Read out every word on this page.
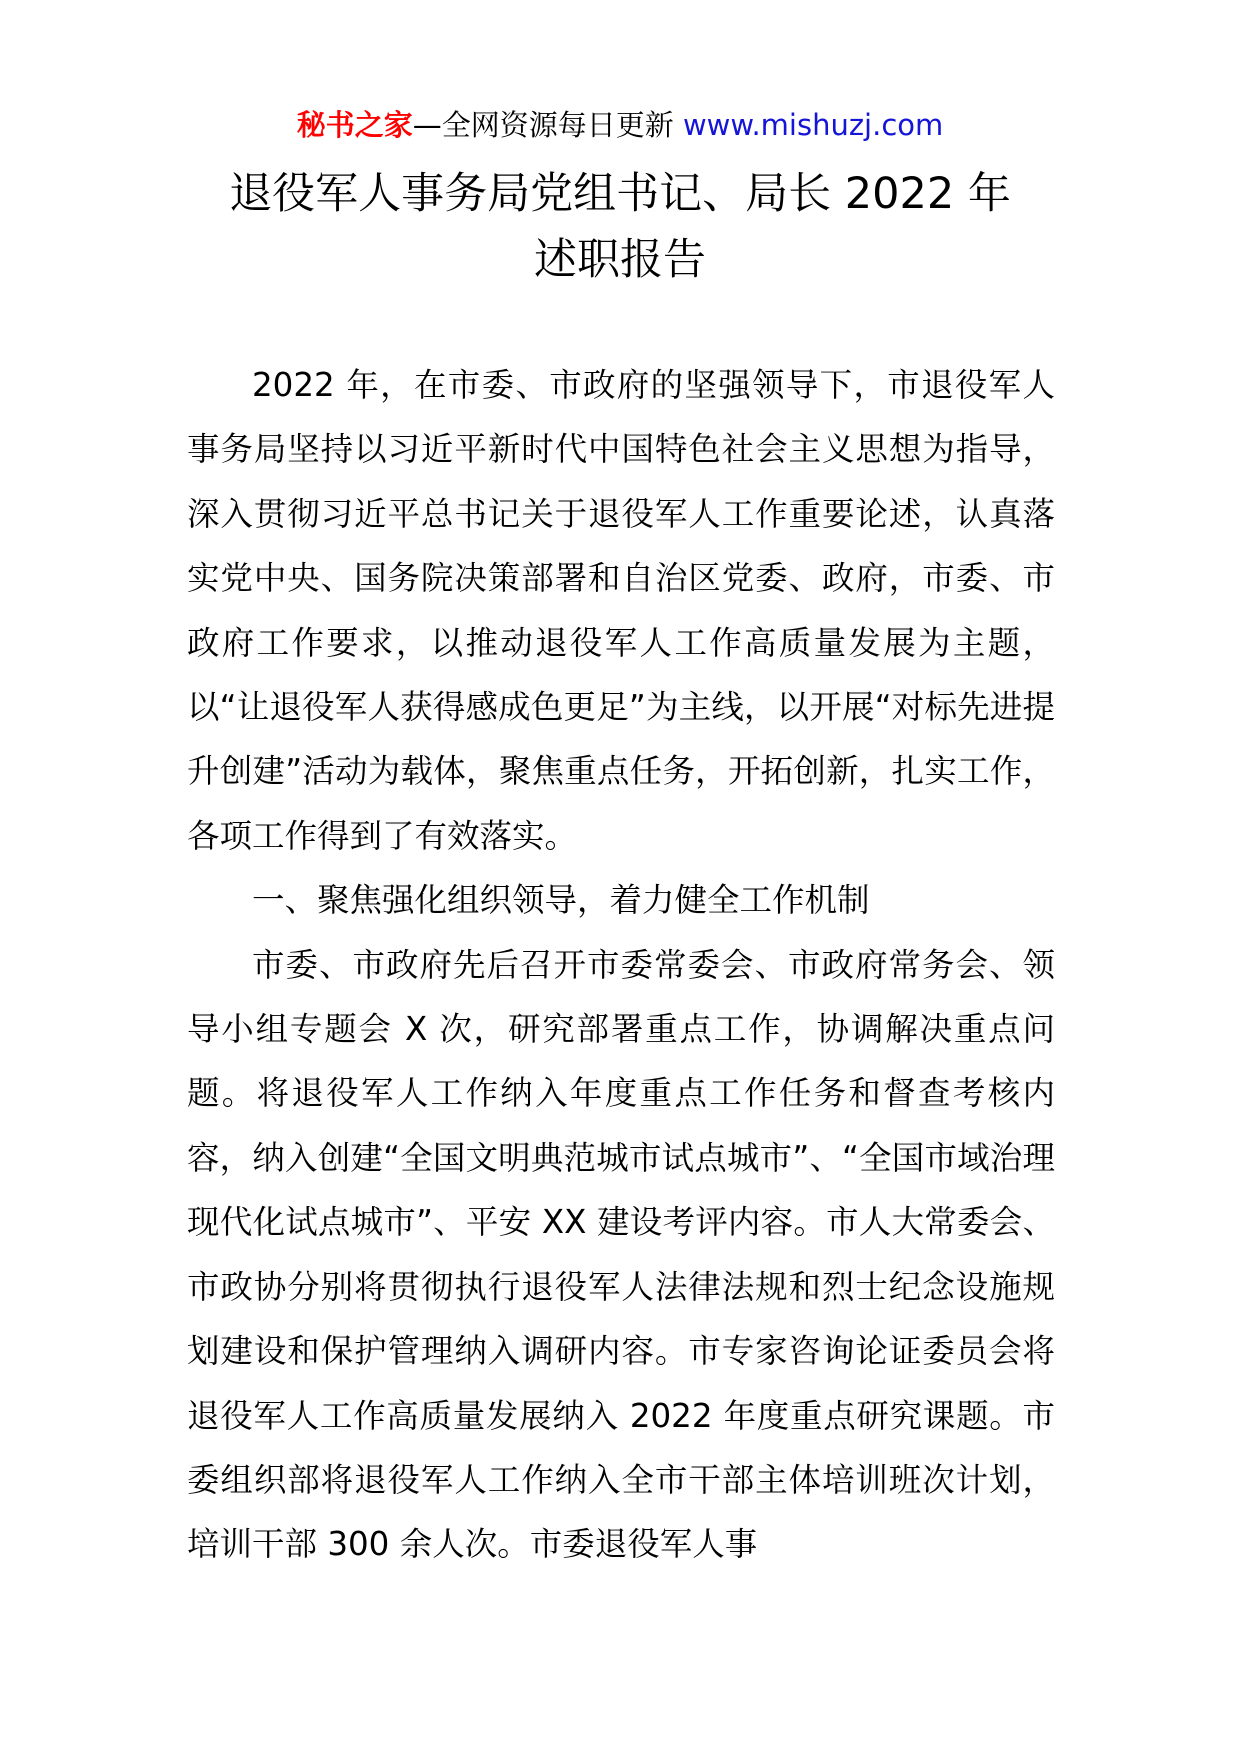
秘书之家—全网资源每日更新 www.mishuzj.com
退役军人事务局党组书记、局长 2022 年
述职报告

2022 年，在市委、市政府的坚强领导下，市退役军人事务局坚持以习近平新时代中国特色社会主义思想为指导，深入贯彻习近平总书记关于退役军人工作重要论述，认真落实党中央、国务院决策部署和自治区党委、政府，市委、市政府工作要求，以推动退役军人工作高质量发展为主题，以“让退役军人获得感成色更足”为主线，以开展“对标先进提升创建”活动为载体，聚焦重点任务，开拓创新，扎实工作，各项工作得到了有效落实。

一、聚焦强化组织领导，着力健全工作机制

市委、市政府先后召开市委常委会、市政府常务会、领导小组专题会 X 次，研究部署重点工作，协调解决重点问题。将退役军人工作纳入年度重点工作任务和督查考核内容，纳入创建“全国文明典范城市试点城市”、“全国市域治理现代化试点城市”、平安 XX 建设考评内容。市人大常委会、市政协分别将贯彻执行退役军人法律法规和烈士纪念设施规划建设和保护管理纳入调研内容。市专家咨询论证委员会将退役军人工作高质量发展纳入 2022 年度重点研究课题。市委组织部将退役军人工作纳入全市干部主体培训班次计划，培训干部 300 余人次。市委退役军人事
